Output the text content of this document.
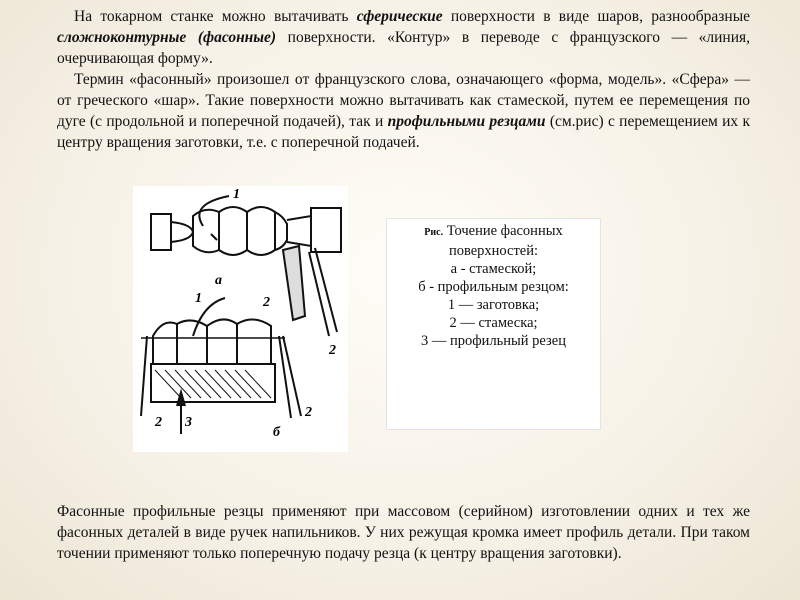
На токарном станке можно вытачивать сферические поверхности в виде шаров, разнообразные сложноконтурные (фасонные) поверхности. «Контур» в переводе с французского — «линия, очерчивающая форму».

Термин «фасонный» произошел от французского слова, означающего «форма, модель». «Сфера» — от греческого «шар». Такие поверхности можно вытачивать как стамеской, путем ее перемещения по дуге (с продольной и поперечной подачей), так и профильными резцами (см.рис) с перемещением их к центру вращения заготовки, т.е. с поперечной подачей.

1
2
2
а
1
2
2 3
б
Рис. Точение фасонных
поверхностей:
а - стамеской;
б - профильным резцом:
1 — заготовка;
2 — стамеска;
3 — профильный резец

Фасонные профильные резцы применяют при массовом (серийном) изготовлении одних и тех же фасонных деталей в виде ручек напильников. У них режущая кромка имеет профиль детали. При таком точении применяют только поперечную подачу резца (к центру вращения заготовки).
